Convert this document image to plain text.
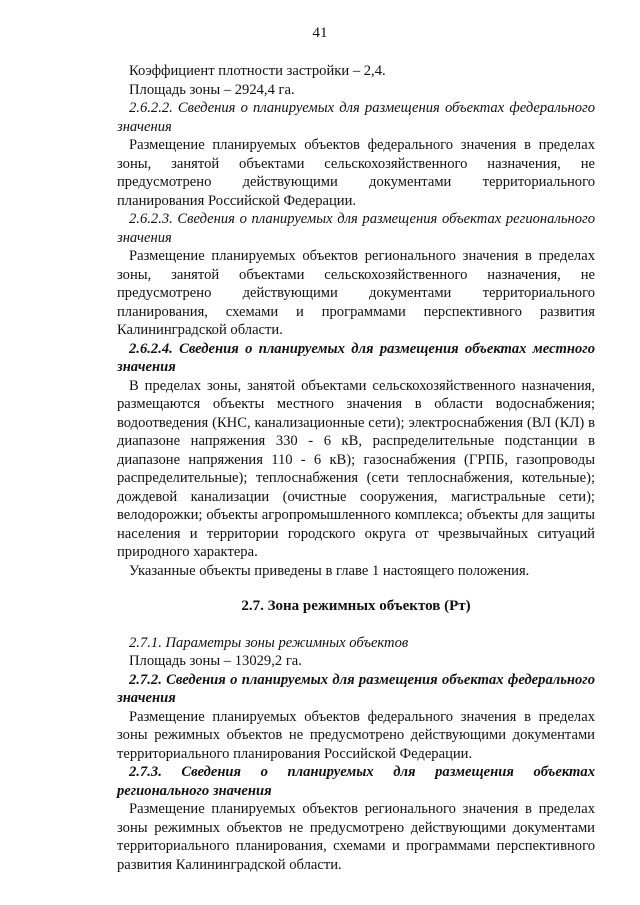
41

Коэффициент плотности застройки – 2,4.

Площадь зоны – 2924,4 га.

2.6.2.2. Сведения о планируемых для размещения объектах федерального значения

Размещение планируемых объектов федерального значения в пределах зоны, занятой объектами сельскохозяйственного назначения, не предусмотрено действующими документами территориального планирования Российской Федерации.

2.6.2.3. Сведения о планируемых для размещения объектах регионального значения

Размещение планируемых объектов регионального значения в пределах зоны, занятой объектами сельскохозяйственного назначения, не предусмотрено действующими документами территориального планирования, схемами и программами перспективного развития Калининградской области.

2.6.2.4. Сведения о планируемых для размещения объектах местного значения

В пределах зоны, занятой объектами сельскохозяйственного назначения, размещаются объекты местного значения в области водоснабжения; водоотведения (КНС, канализационные сети); электроснабжения (ВЛ (КЛ) в диапазоне напряжения 330 - 6 кВ, распределительные подстанции в диапазоне напряжения 110 - 6 кВ); газоснабжения (ГРПБ, газопроводы распределительные); теплоснабжения (сети теплоснабжения, котельные); дождевой канализации (очистные сооружения, магистральные сети); велодорожки; объекты агропромышленного комплекса; объекты для защиты населения и территории городского округа от чрезвычайных ситуаций природного характера.

Указанные объекты приведены в главе 1 настоящего положения.

2.7. Зона режимных объектов (Рт)

2.7.1. Параметры зоны режимных объектов

Площадь зоны – 13029,2 га.

2.7.2. Сведения о планируемых для размещения объектах федерального значения

Размещение планируемых объектов федерального значения в пределах зоны режимных объектов не предусмотрено действующими документами территориального планирования Российской Федерации.

2.7.3. Сведения о планируемых для размещения объектах регионального значения

Размещение планируемых объектов регионального значения в пределах зоны режимных объектов не предусмотрено действующими документами территориального планирования, схемами и программами перспективного развития Калининградской области.
